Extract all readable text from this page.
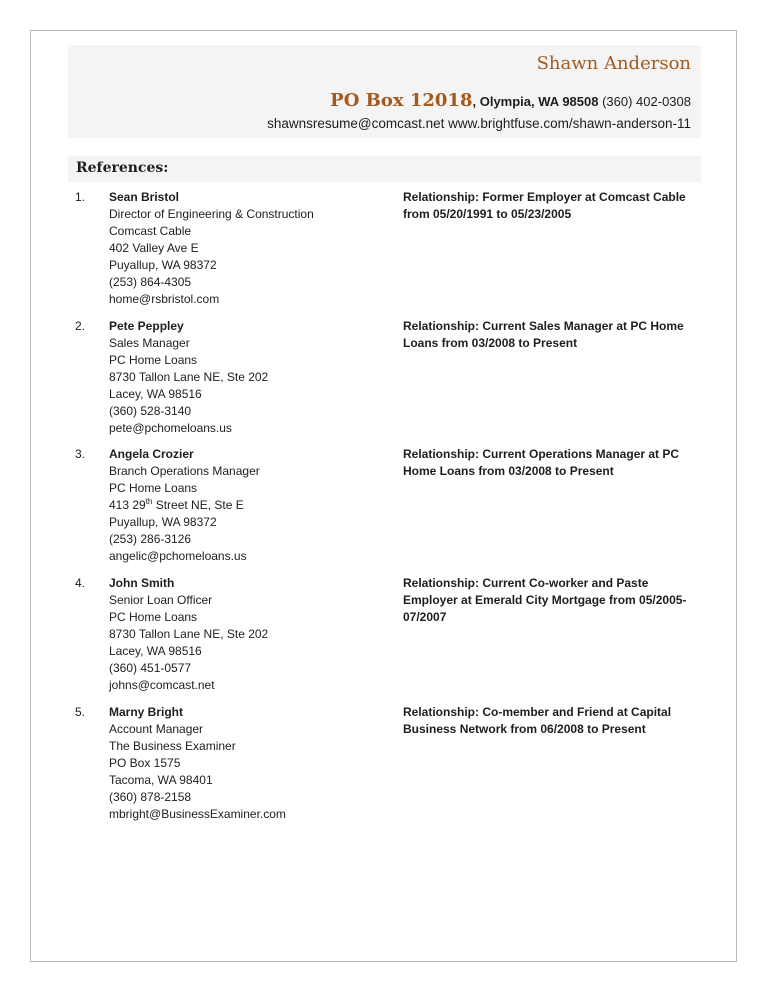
Shawn Anderson
PO Box 12018, Olympia, WA 98508 (360) 402-0308
shawnsresume@comcast.net www.brightfuse.com/shawn-anderson-11
References:
1. Sean Bristol
Director of Engineering & Construction
Comcast Cable
402 Valley Ave E
Puyallup, WA 98372
(253) 864-4305
home@rsbristol.com
Relationship: Former Employer at Comcast Cable from 05/20/1991 to 05/23/2005
2. Pete Peppley
Sales Manager
PC Home Loans
8730 Tallon Lane NE, Ste 202
Lacey, WA 98516
(360) 528-3140
pete@pchomeloans.us
Relationship: Current Sales Manager at PC Home Loans from 03/2008 to Present
3. Angela Crozier
Branch Operations Manager
PC Home Loans
413 29th Street NE, Ste E
Puyallup, WA 98372
(253) 286-3126
angelic@pchomeloans.us
Relationship: Current Operations Manager at PC Home Loans from 03/2008 to Present
4. John Smith
Senior Loan Officer
PC Home Loans
8730 Tallon Lane NE, Ste 202
Lacey, WA 98516
(360) 451-0577
johns@comcast.net
Relationship: Current Co-worker and Paste Employer at Emerald City Mortgage from 05/2005-07/2007
5. Marny Bright
Account Manager
The Business Examiner
PO Box 1575
Tacoma, WA 98401
(360) 878-2158
mbright@BusinessExaminer.com
Relationship: Co-member and Friend at Capital Business Network from 06/2008 to Present
